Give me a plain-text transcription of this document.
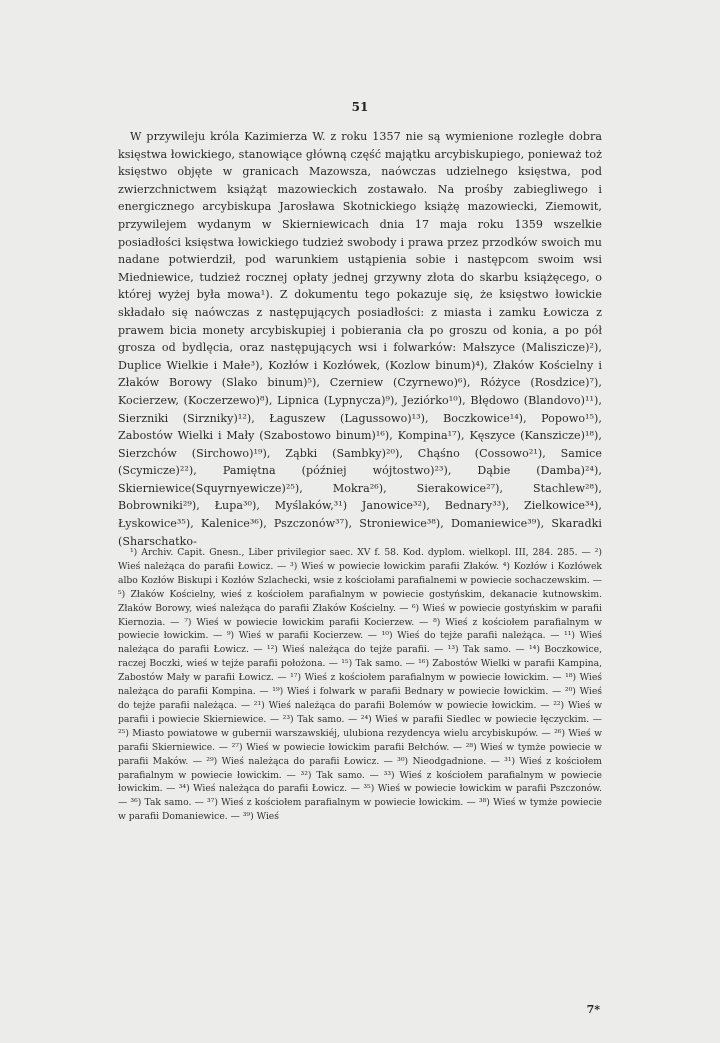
51

W przywileju króla Kazimierza W. z roku 1357 nie są wymienione rozległe dobra księstwa łowickiego, stanowiące główną część majątku arcybiskupiego, ponieważ toż księstwo objęte w granicach Mazowsza, naówczas udzielnego księstwa, pod zwierzchnictwem książąt mazowieckich zostawało. Na prośby zabiegliwego i energicznego arcybiskupa Jarosława Skotnickiego książę mazowiecki, Ziemowit, przywilejem wydanym w Skierniewicach dnia 17 maja roku 1359 wszelkie posiadłości księstwa łowickiego tudzież swobody i prawa przez przodków swoich mu nadane potwierdził, pod warunkiem ustąpienia sobie i następcom swoim wsi Miedniewice, tudzież rocznej opłaty jednej grzywny złota do skarbu książęcego, o której wyżej była mowa¹). Z dokumentu tego pokazuje się, że księstwo łowickie składało się naówczas z następujących posiadłości: z miasta i zamku Łowicza z prawem bicia monety arcybiskupiej i pobierania cła po groszu od konia, a po pół grosza od bydlęcia, oraz następujących wsi i folwarków: Małszyce (Maliszicze)²), Duplice Wielkie i Małe³), Kozłów i Kozłówek, (Kozlow binum)⁴), Złaków Kościelny i Złaków Borowy (Slako binum)⁵), Czerniew (Czyrnewo)⁶), Różyce (Rosdzice)⁷), Kocierzew, (Koczerzewo)⁸), Lipnica (Lypnycza)⁹), Jeziórko¹⁰), Błędowo (Blandovo)¹¹), Sierzniki (Sirzniky)¹²), Łaguszew (Lagussowo)¹³), Boczkowice¹⁴), Popowo¹⁵), Zabostów Wielki i Mały (Szabostowo binum)¹⁶), Kompina¹⁷), Kęszyce (Kanszicze)¹⁸), Sierzchów (Sirchowo)¹⁹), Ząbki (Sambky)²⁰), Chąśno (Cossowo²¹), Samice (Scymicze)²²), Pamiętna (później wójtostwo)²³), Dąbie (Damba)²⁴), Skierniewice(Squyrnyewicze)²⁵), Mokra²⁶), Sierakowice²⁷), Stachlew²⁸), Bobrowniki²⁹), Łupa³⁰), Myślaków,³¹) Janowice³²), Bednary³³), Zielkowice³⁴), Łyskowice³⁵), Kalenice³⁶), Pszczonów³⁷), Stroniewice³⁸), Domaniewice³⁹), Skaradki (Sharschatko-

¹) Archiv. Capit. Gnesn., Liber privilegior saec. XV f. 58. Kod. dyplom. wielkopl. III, 284. 285. — ²) Wieś należąca do parafii Łowicz. — ³) Wieś w powiecie łowickim parafii Złaków. ⁴) Kozłów i Kozłówek albo Kozłów Biskupi i Kozłów Szlachecki, wsie z kościołami parafialnemi w powiecie sochaczewskim. — ⁵) Złaków Kościelny, wieś z kościołem parafialnym w powiecie gostyńskim, dekanacie kutnowskim. Złaków Borowy, wieś należąca do parafii Złaków Kościelny. — ⁶) Wieś w powiecie gostyńskim w parafii Kiernozia. — ⁷) Wieś w powiecie łowickim parafii Kocierzew. — ⁸) Wieś z kościołem parafialnym w powiecie łowickim. — ⁹) Wieś w parafii Kocierzew. — ¹⁰) Wieś do tejże parafii należąca. — ¹¹) Wieś należąca do parafii Łowicz. — ¹²) Wieś należąca do tejże parafii. — ¹³) Tak samo. — ¹⁴) Boczkowice, raczej Boczki, wieś w tejże parafii położona. — ¹⁵) Tak samo. — ¹⁶) Zabostów Wielki w parafii Kampina, Zabostów Mały w parafii Łowicz. — ¹⁷) Wieś z kościołem parafialnym w powiecie łowickim. — ¹⁸) Wieś należąca do parafii Kompina. — ¹⁹) Wieś i folwark w parafii Bednary w powiecie łowickim. — ²⁰) Wieś do tejże parafii należąca. — ²¹) Wieś należąca do parafii Bolemów w powiecie łowickim. — ²²) Wieś w parafii i powiecie Skierniewice. — ²³) Tak samo. — ²⁴) Wieś w parafii Siedlec w powiecie łęczyckim. — ²⁵) Miasto powiatowe w gubernii warszawskiéj, ulubiona rezydencya wielu arcybiskupów. — ²⁶) Wieś w parafii Skierniewice. — ²⁷) Wieś w powiecie łowickim parafii Bełchów. — ²⁸) Wieś w tymże powiecie w parafii Maków. — ²⁹) Wieś należąca do parafii Łowicz. — ³⁰) Nieodgadnione. — ³¹) Wieś z kościołem parafialnym w powiecie łowickim. — ³²) Tak samo. — ³³) Wieś z kościołem parafialnym w powiecie łowickim. — ³⁴) Wieś należąca do parafii Łowicz. — ³⁵) Wieś w powiecie łowickim w parafii Pszczonów. — ³⁶) Tak samo. — ³⁷) Wieś z kościołem parafialnym w powiecie łowickim. — ³⁸) Wieś w tymże powiecie w parafii Domaniewice. — ³⁹) Wieś

7*
